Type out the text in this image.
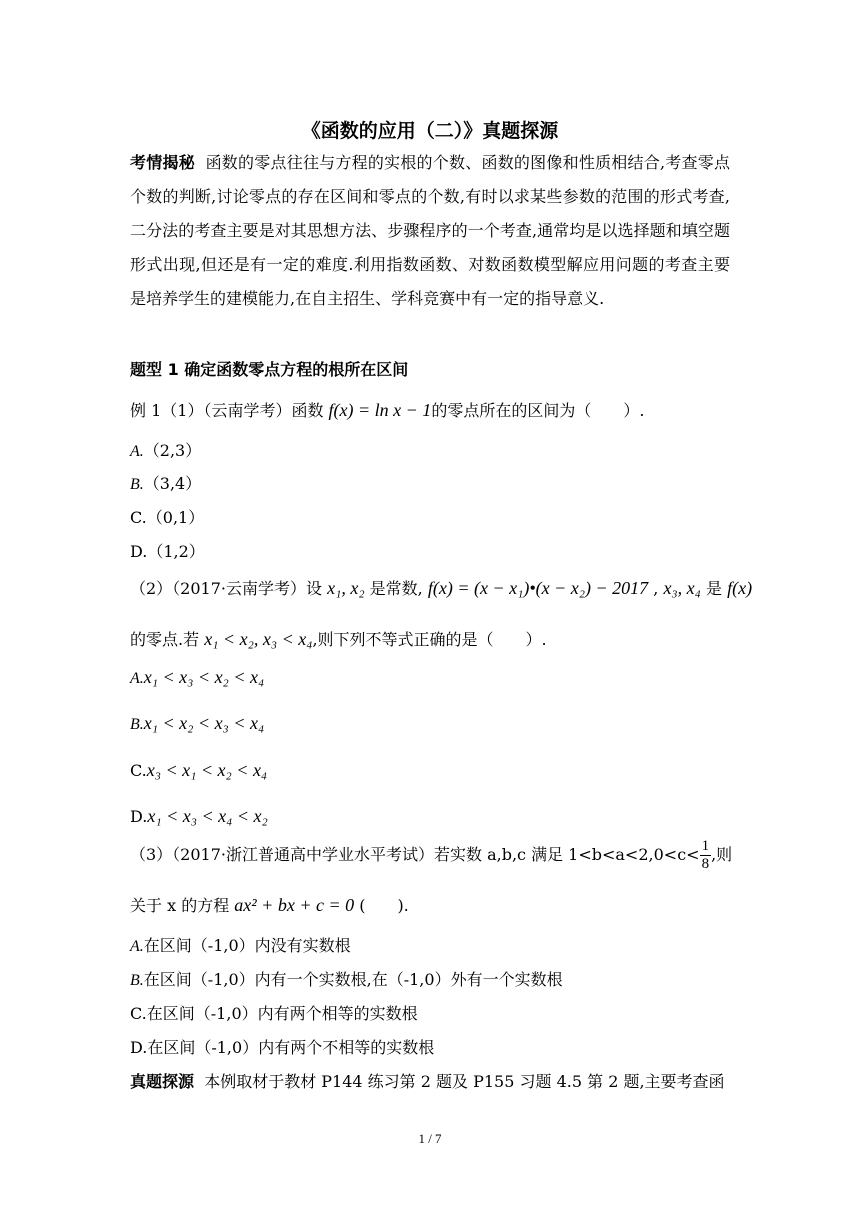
《函数的应用（二）》真题探源
考情揭秘 函数的零点往往与方程的实根的个数、函数的图像和性质相结合,考查零点个数的判断,讨论零点的存在区间和零点的个数,有时以求某些参数的范围的形式考查,二分法的考查主要是对其思想方法、步骤程序的一个考查,通常均是以选择题和填空题形式出现,但还是有一定的难度.利用指数函数、对数函数模型解应用问题的考查主要是培养学生的建模能力,在自主招生、学科竞赛中有一定的指导意义.
题型 1 确定函数零点方程的根所在区间
例 1（1）（云南学考）函数 f(x) = ln x − 1的零点所在的区间为（　　）.
A.（2,3）
B.（3,4）
C.（0,1）
D.（1,2）
（2）（2017·云南学考）设 x₁, x₂ 是常数, f(x) = (x − x₁)•(x − x₂) − 2017 , x₃, x₄ 是 f(x)
的零点.若 x₁ < x₂, x₃ < x₄,则下列不等式正确的是（　　）.
A.x₁ < x₃ < x₂ < x₄
B.x₁ < x₂ < x₃ < x₄
C.x₃ < x₁ < x₂ < x₄
D.x₁ < x₃ < x₄ < x₂
（3）（2017·浙江普通高中学业水平考试）若实数 a,b,c 满足 $1<b<a<2,0<c< \frac{1}{8}$ ,则
关于 x 的方程 ax² + bx + c = 0 (　　).
A.在区间（-1,0）内没有实数根
B.在区间（-1,0）内有一个实数根,在（-1,0）外有一个实数根
C.在区间（-1,0）内有两个相等的实数根
D.在区间（-1,0）内有两个不相等的实数根
真题探源 本例取材于教材 P144 练习第 2 题及 P155 习题 4.5 第 2 题,主要考查函
1 / 7
